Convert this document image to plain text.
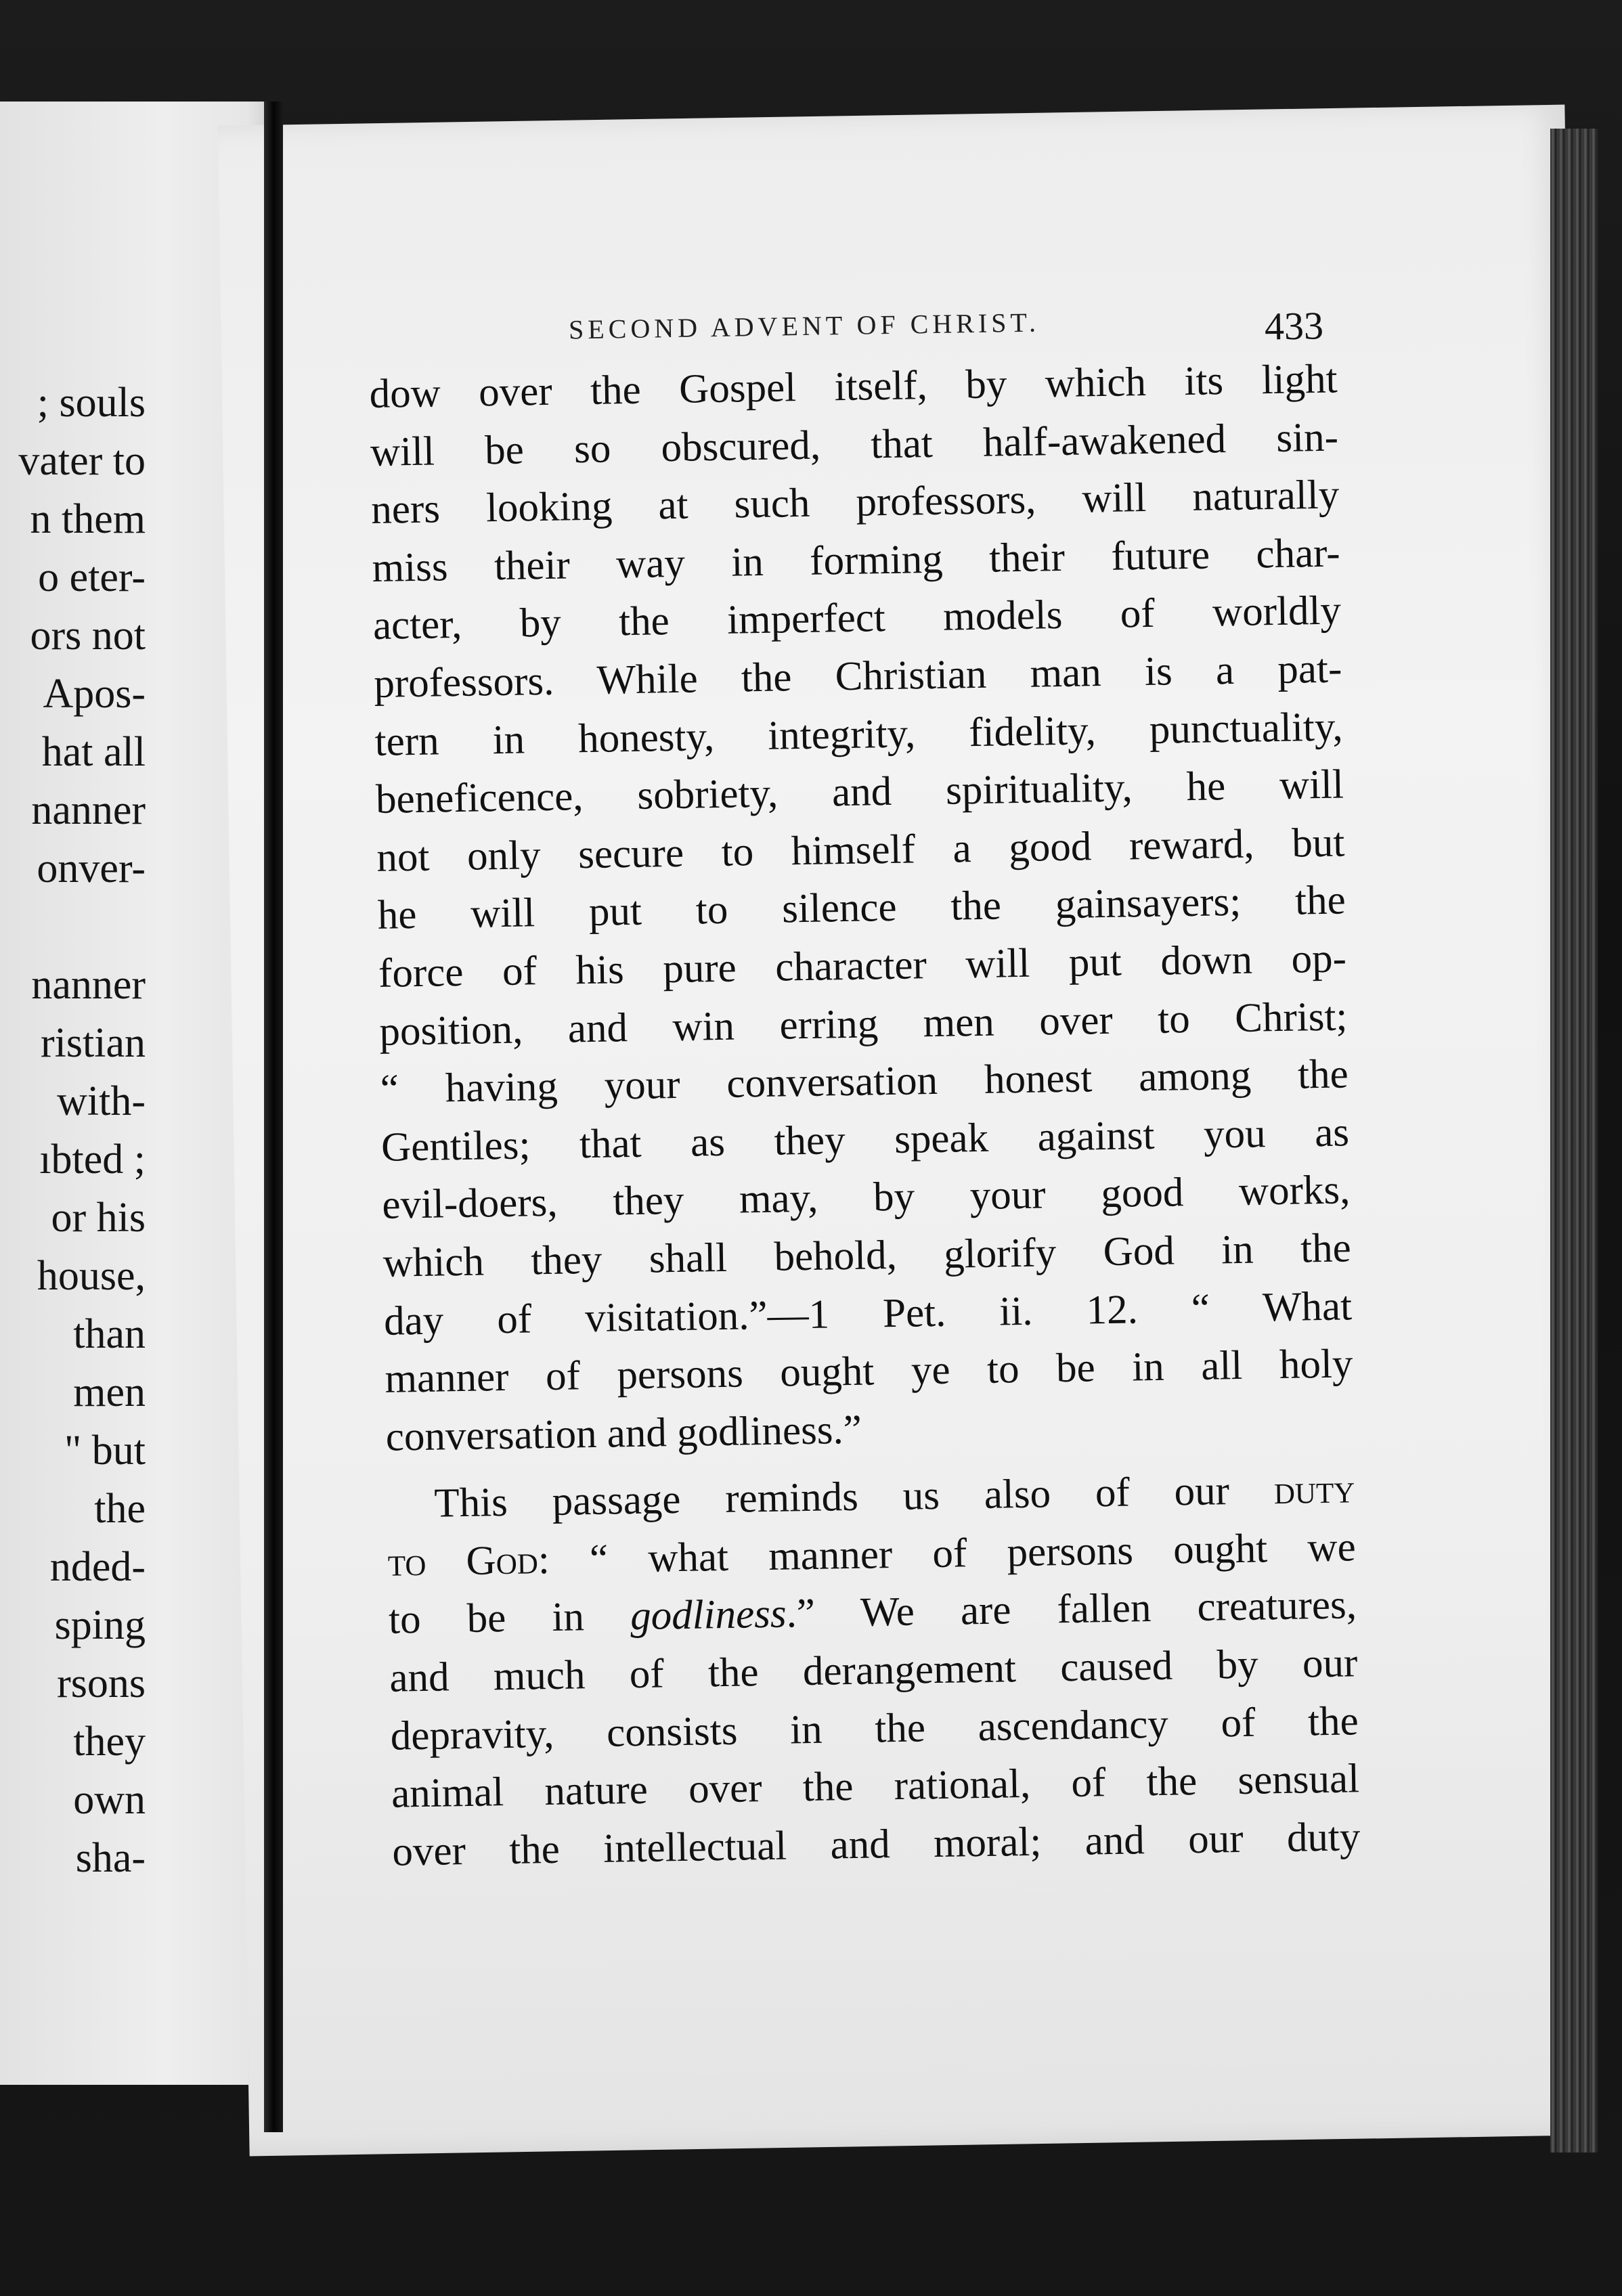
; souls
vater to
n them
o eter-
ors not
Apos-
hat all
nanner
onver-
nanner
ristian
with-
ıbted ;
or his
house,
than
men
" but
the
nded-
sping
rsons
they
own
sha-
SECOND ADVENT OF CHRIST.	433
dow over the Gospel itself, by which its light
will be so obscured, that half-awakened sin-
ners looking at such professors, will naturally
miss their way in forming their future char-
acter, by the imperfect models of worldly
professors. While the Christian man is a pat-
tern in honesty, integrity, fidelity, punctuality,
beneficence, sobriety, and spirituality, he will
not only secure to himself a good reward, but
he will put to silence the gainsayers; the
force of his pure character will put down op-
position, and win erring men over to Christ;
“ having your conversation honest among the
Gentiles; that as they speak against you as
evil-doers, they may, by your good works,
which they shall behold, glorify God in the
day of visitation.”—1 Pet. ii. 12. “ What
manner of persons ought ye to be in all holy
conversation and godliness.”
This passage reminds us also of our duty
to God: “ what manner of persons ought we
to be in godliness.” We are fallen creatures,
and much of the derangement caused by our
depravity, consists in the ascendancy of the
animal nature over the rational, of the sensual
over the intellectual and moral; and our duty
